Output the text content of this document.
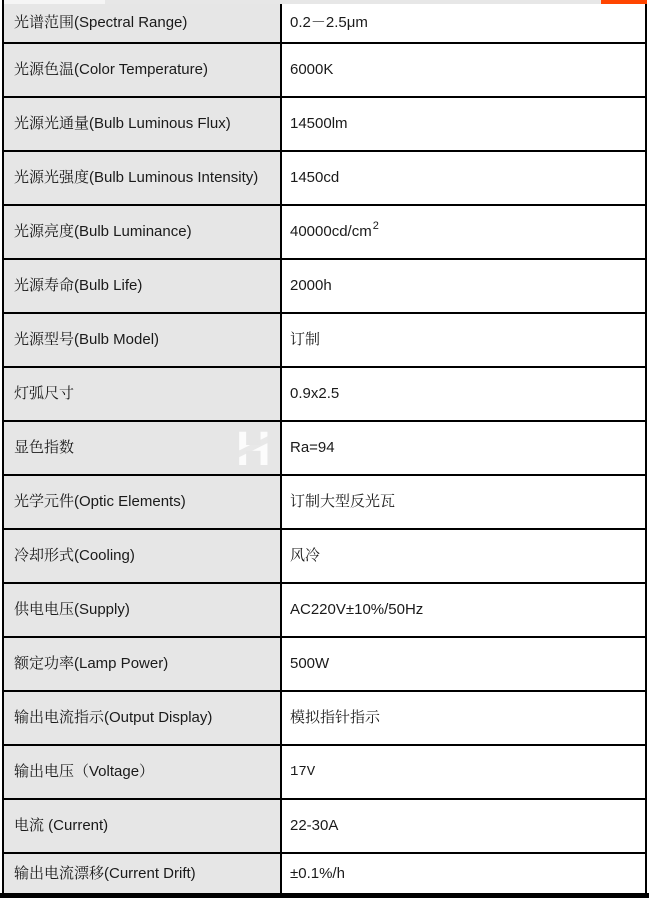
光谱范围(Spectral Range)	0.2－2.5μm
光源色温(Color Temperature)	6000K
光源光通量(Bulb Luminous Flux)	14500lm
光源光强度(Bulb Luminous Intensity)	1450cd
光源亮度(Bulb Luminance)	$40000cd/cm^2$
光源寿命(Bulb Life)	2000h
光源型号(Bulb Model)	订制
灯弧尺寸	0.9x2.5
显色指数	Ra=94
光学元件(Optic Elements)	订制大型反光瓦
冷却形式(Cooling)	风冷
供电电压(Supply)	AC220V±10%/50Hz
额定功率(Lamp Power)	500W
输出电流指示(Output Display)	模拟指针指示
输出电压（Voltage）	17V
电流 (Current)	22-30A
输出电流漂移(Current Drift)	±0.1%/h
H
